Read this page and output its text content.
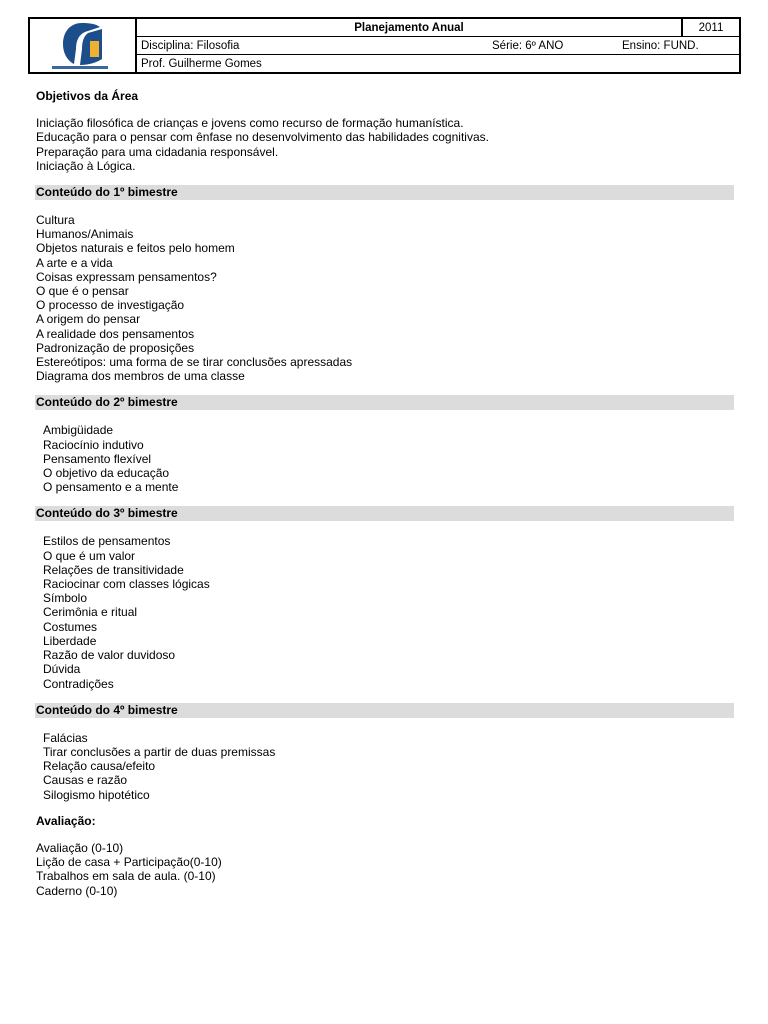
Planejamento Anual	2011
Disciplina: Filosofia	Série: 6º ANO	Ensino: FUND.
Prof. Guilherme Gomes

Objetivos da Área

Iniciação filosófica de crianças e jovens como recurso de formação humanística.

Educação para o pensar com ênfase no desenvolvimento das habilidades cognitivas.

Preparação para uma cidadania responsável.

Iniciação à Lógica.

Conteúdo do 1º bimestre

Cultura

Humanos/Animais

Objetos naturais e feitos pelo homem

A arte e a vida

Coisas expressam pensamentos?

O que é o pensar

O processo de investigação

A origem do pensar

A realidade dos pensamentos

Padronização de proposições

Estereótipos: uma forma de se tirar conclusões apressadas

Diagrama dos membros de uma classe

Conteúdo do 2º bimestre

Ambigüidade

Raciocínio indutivo

Pensamento flexível

O objetivo da educação

O pensamento e a mente

Conteúdo do 3º bimestre

Estilos de pensamentos

O que é um valor

Relações de transitividade

Raciocinar com classes lógicas

Símbolo

Cerimônia e ritual

Costumes

Liberdade

Razão de valor duvidoso

Dúvida

Contradições

Conteúdo do 4º bimestre

Falácias

Tirar conclusões a partir de duas premissas

Relação causa/efeito

Causas e razão

Silogismo hipotético

Avaliação:

Avaliação (0-10)

Lição de casa + Participação(0-10)

Trabalhos em sala de aula. (0-10)

Caderno (0-10)
